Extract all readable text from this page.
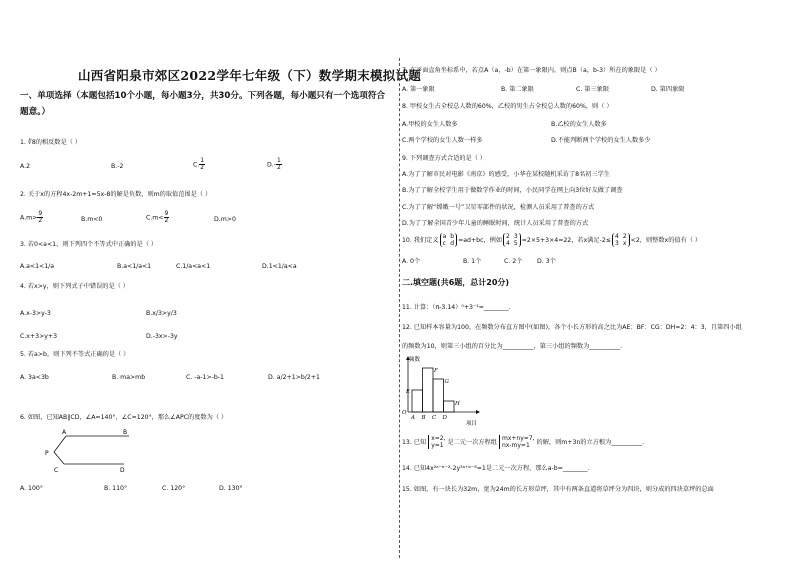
山西省阳泉市郊区2022学年七年级（下）数学期末模拟试题
一、单项选择（本题包括10个小题，每小题3分，共30分。下列各题，每小题只有一个选项符合
题意。）
1. ∛8的相反数是（ ）
A.2	B.-2	C. $\frac{1}{2}$	$D.- \frac{1}{2}$
2. 关于x的方程4x-2m+1=5x-8的解是负数，则m的取值范围是（ ）
$A.m> \frac{9}{2}$	B.m<0	$C.m< \frac{9}{2}$	D.m>0
3. 若0<a<1，则下列四个不等式中正确的是（ ）
A.a<1<1/a	B.a<1/a<1	C.1/a<a<1	D.1<1/a<a
4. 若x>y，则下列式子中错误的是（ ）
A.x-3>y-3	B.x/3>y/3
C.x+3>y+3	D.-3x>-3y
5. 若a>b，则下列不等式正确的是（ ）
A. 3a<3b	B. ma>mb	C. -a-1>-b-1	D. a/2+1>b/2+1
6. 如图，已知AB∥CD，∠A=140°，∠C=120°，那么∠APC的度数为（ ）
A	B
P
C	D
A. 100°	B. 110°	C. 120°	D. 130°
7. 在平面直角坐标系中，若点A（a，-b）在第一象限内，则点B（a，b-3）所在的象限是（ ）
A. 第一象限	B. 第二象限	C. 第三象限	D. 第四象限
8. 甲校女生占全校总人数的60%，乙校的男生占全校总人数的60%，则（ ）
A.甲校的女生人数多	B.乙校的女生人数多
C.两个学校的女生人数一样多	D.不能判断两个学校的女生人数多少
9. 下列调查方式合适的是（ ）
A.为了了解市民对电影《南京》的感受，小华在某校随机采访了8名初三学生
B.为了了解全校学生用于做数学作业的时间，小民同学在网上向3位好友做了调查
C.为了了解“嫦娥一号”卫星零部件的状况，检测人员采用了普查的方式
D.为了了解全国青少年儿童的睡眠时间，统计人员采用了普查的方式
10. 我们定义 a b
c d =ad+bc，例如 2 3
4 5 =2×5+3×4=22，若x满足-2≤ 4 2
3 x <2，则整数x的值有（ ）
A. 0个	B. 1个	C. 2个 D. 3个
二.填空题(共6题，总计20分)
11. 计算：（π-3.14）⁰+3⁻¹=________.
12. 已知样本容量为100，在频数分布直方图中(如图)，各个小长方形的高之比为AE：BF：CG：DH=2：4：3，且第四小组
的频数为10，则第三小组的百分比为__________，第三小组的频数为__________.
E
A
F
B
G
C
H
D
O
频数
项目
13. 已知 x=2,
y=1 是二元一次方程组 mx+ny=7,
nx-my=1	的解，则m+3n的立方根为__________.
14. 已知4x²ᵃ⁻ᵇ⁻²-2y³ᵃ⁺ᵇ⁻⁸=1是二元一次方程，那么a-b=________.
15. 如图，有一块长为32m，宽为24m的长方形草坪，其中有两条直道将草坪分为四块，则分成的四块草坪的总面
